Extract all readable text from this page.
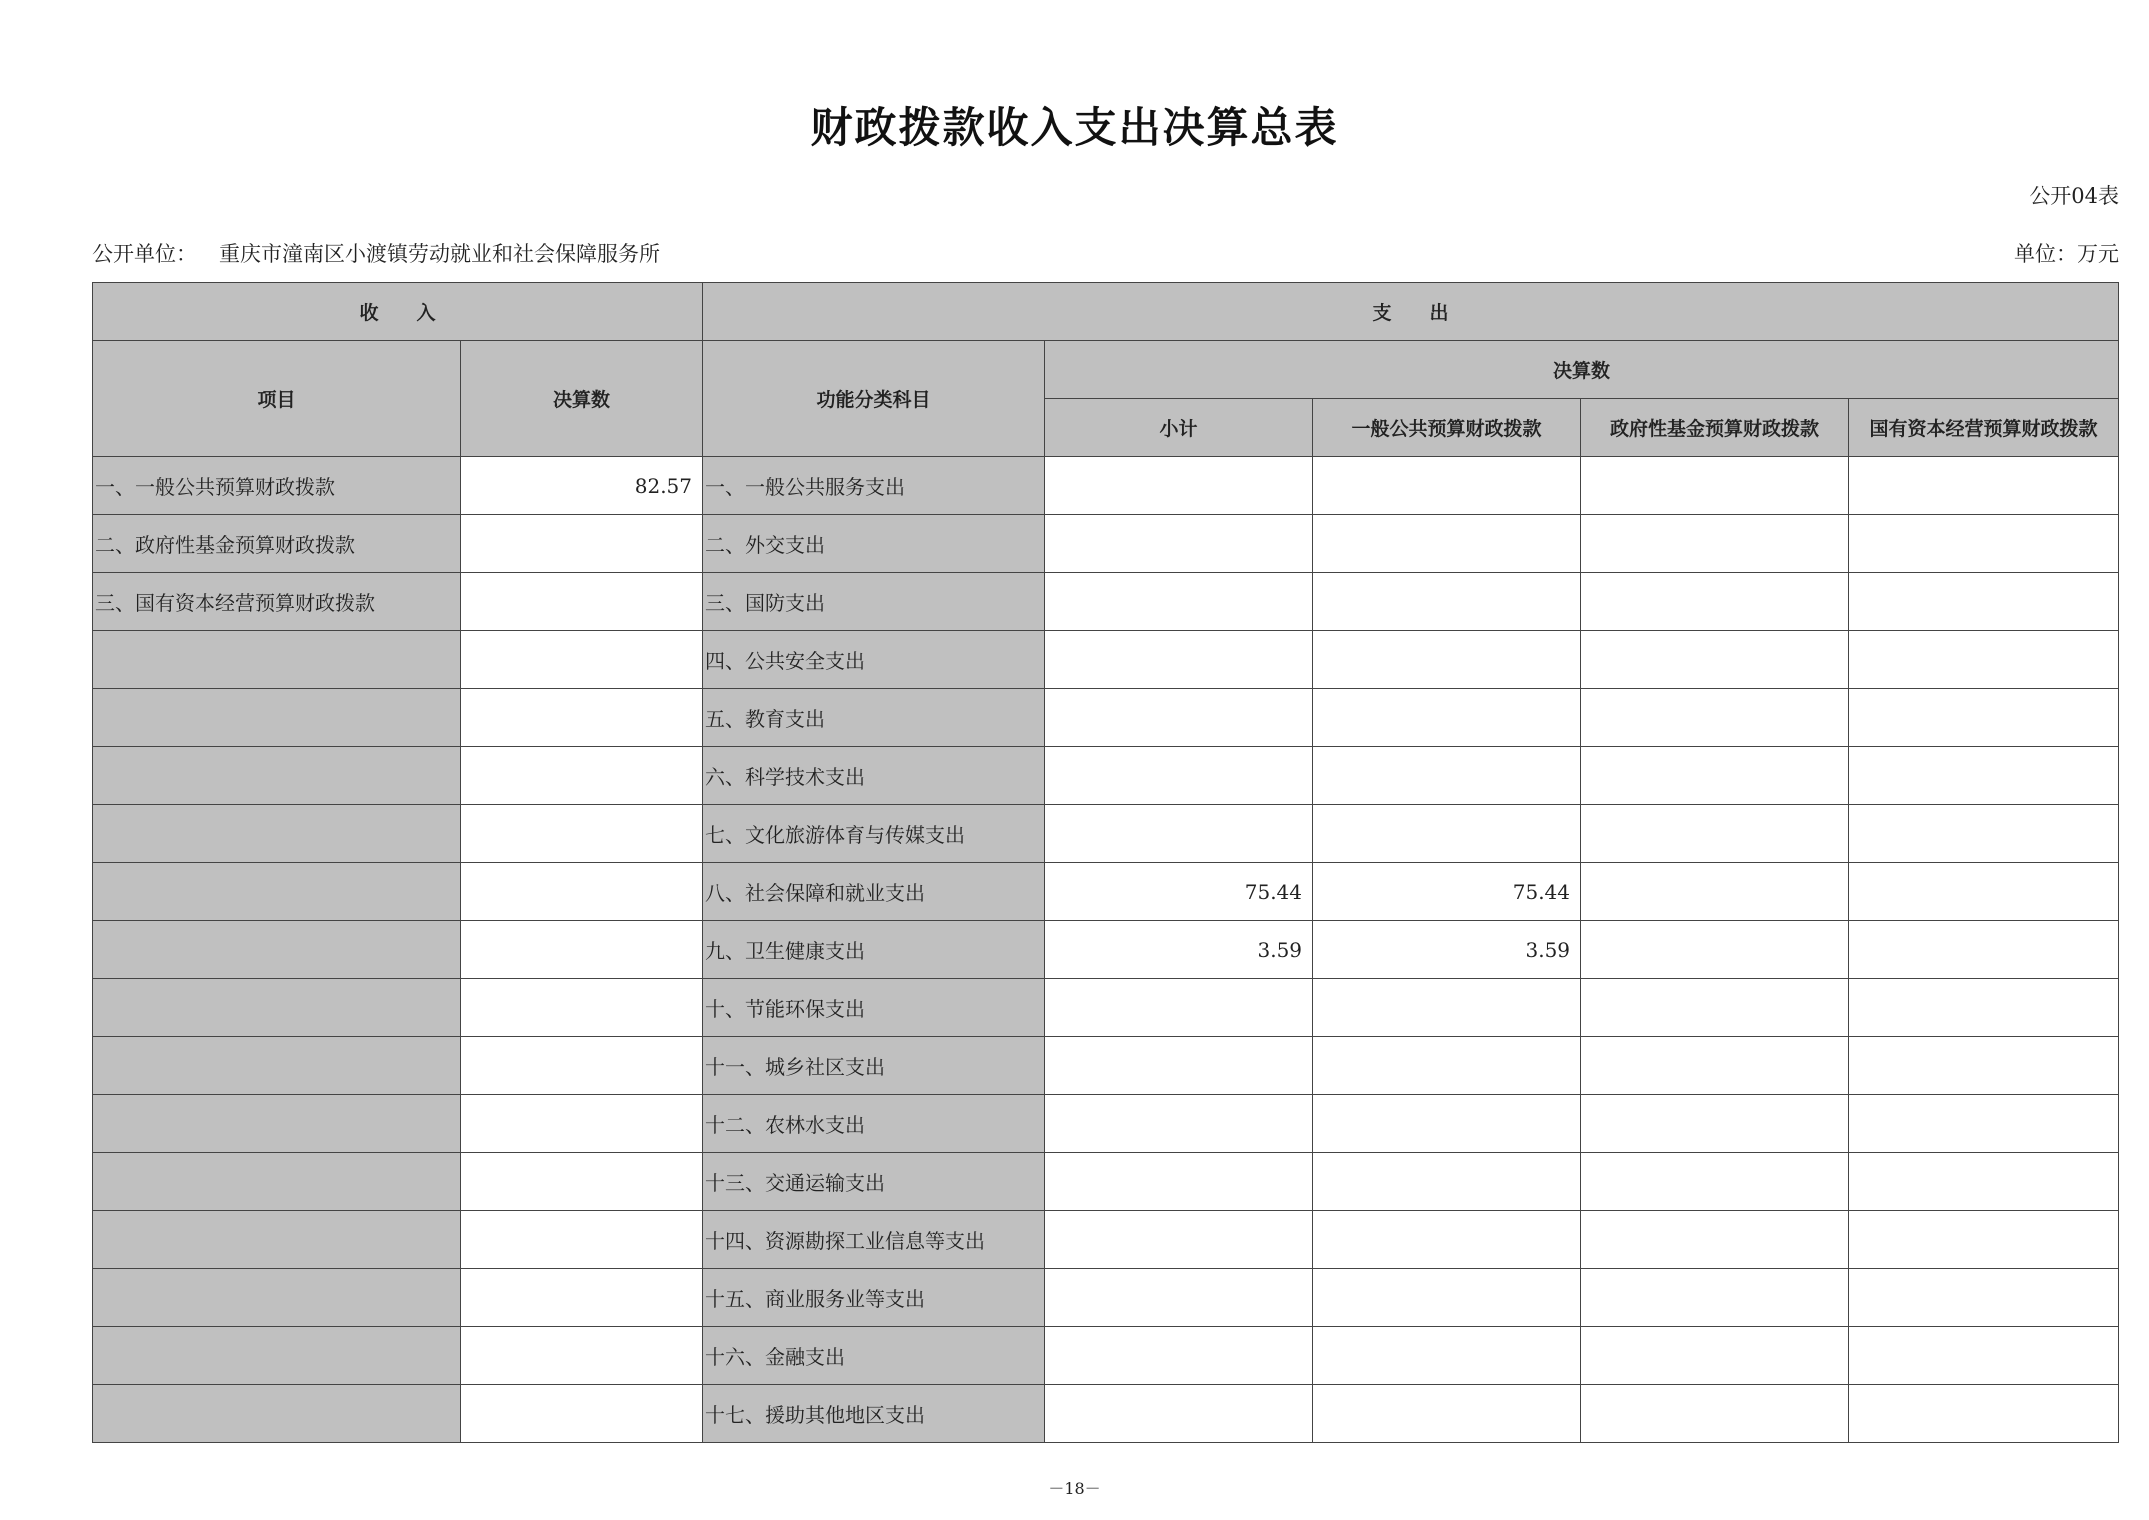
财政拨款收入支出决算总表
公开04表
公开单位： 重庆市潼南区小渡镇劳动就业和社会保障服务所	单位：万元
收　　入		支　　出				
项目	决算数	功能分类科目	决算数			
			小计	一般公共预算财政拨款	政府性基金预算财政拨款	国有资本经营预算财政拨款
一、一般公共预算财政拨款	82.57	一、一般公共服务支出				
二、政府性基金预算财政拨款		二、外交支出				
三、国有资本经营预算财政拨款		三、国防支出				
		四、公共安全支出				
		五、教育支出				
		六、科学技术支出				
		七、文化旅游体育与传媒支出				
		八、社会保障和就业支出	75.44	75.44		
		九、卫生健康支出	3.59	3.59		
		十、节能环保支出				
		十一、城乡社区支出				
		十二、农林水支出				
		十三、交通运输支出				
		十四、资源勘探工业信息等支出				
		十五、商业服务业等支出				
		十六、金融支出				
		十七、援助其他地区支出				
－18－
